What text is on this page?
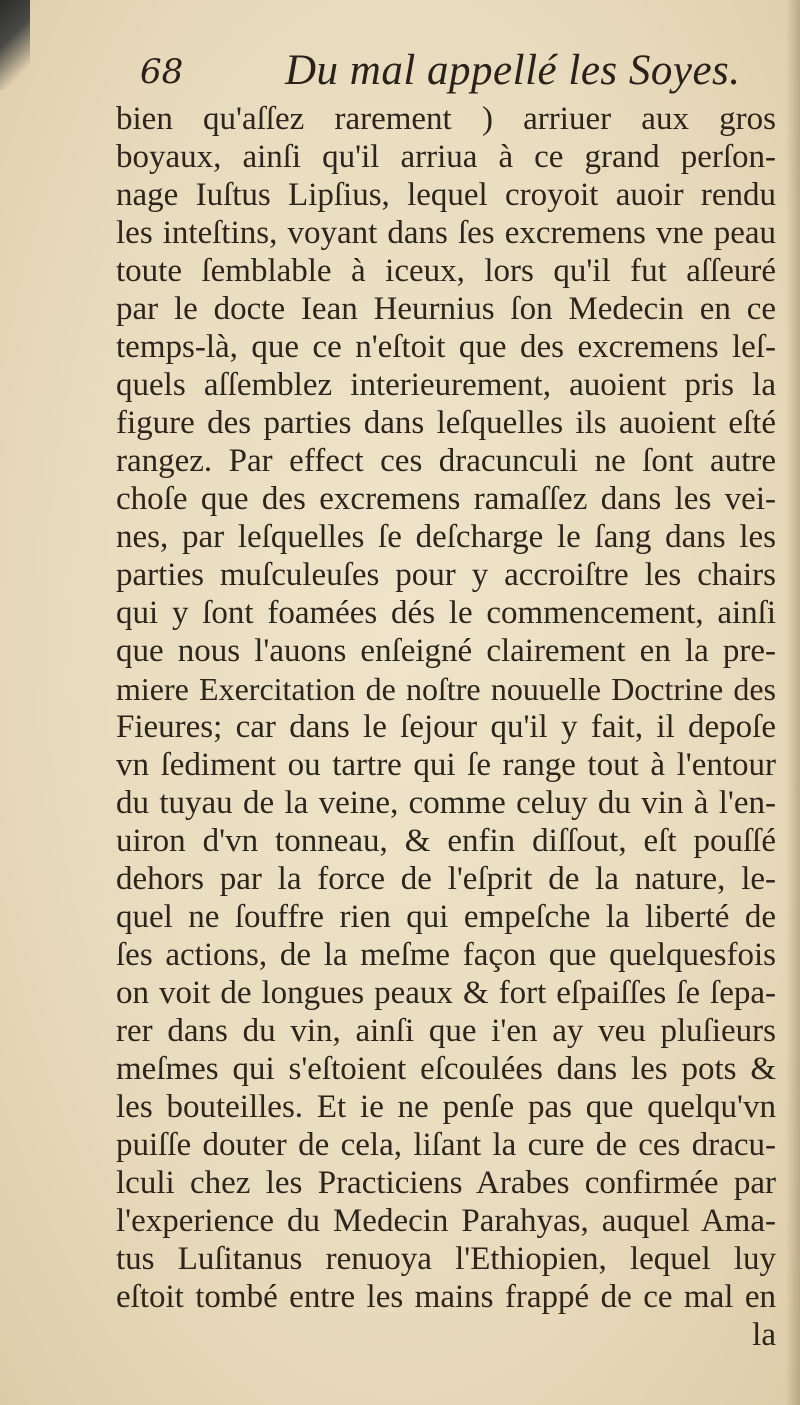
68 Du mal appellé les Soyes.
bien qu'aſſez rarement ) arriuer aux gros
boyaux, ainſi qu'il arriua à ce grand perſon-
nage Iuſtus Lipſius, lequel croyoit auoir rendu
les inteſtins, voyant dans ſes excremens vne peau
toute ſemblable à iceux, lors qu'il fut aſſeuré
par le docte Iean Heurnius ſon Medecin en ce
temps-là, que ce n'eſtoit que des excremens leſ-
quels aſſemblez interieurement, auoient pris la
figure des parties dans leſquelles ils auoient eſté
rangez. Par effect ces dracunculi ne ſont autre
choſe que des excremens ramaſſez dans les vei-
nes, par leſquelles ſe deſcharge le ſang dans les
parties muſculeuſes pour y accroiſtre les chairs
qui y ſont foamées dés le commencement, ainſi
que nous l'auons enſeigné clairement en la pre-
miere Exercitation de noſtre nouuelle Doctrine des
Fieures; car dans le ſejour qu'il y fait, il depoſe
vn ſediment ou tartre qui ſe range tout à l'entour
du tuyau de la veine, comme celuy du vin à l'en-
uiron d'vn tonneau, & enfin diſſout, eſt pouſſé
dehors par la force de l'eſprit de la nature, le-
quel ne ſouffre rien qui empeſche la liberté de
ſes actions, de la meſme façon que quelquesfois
on voit de longues peaux & fort eſpaiſſes ſe ſepa-
rer dans du vin, ainſi que i'en ay veu pluſieurs
meſmes qui s'eſtoient eſcoulées dans les pots &
les bouteilles. Et ie ne penſe pas que quelqu'vn
puiſſe douter de cela, liſant la cure de ces dracu-
lculi chez les Practiciens Arabes confirmée par
l'experience du Medecin Parahyas, auquel Ama-
tus Luſitanus renuoya l'Ethiopien, lequel luy
eſtoit tombé entre les mains frappé de ce mal en
la
